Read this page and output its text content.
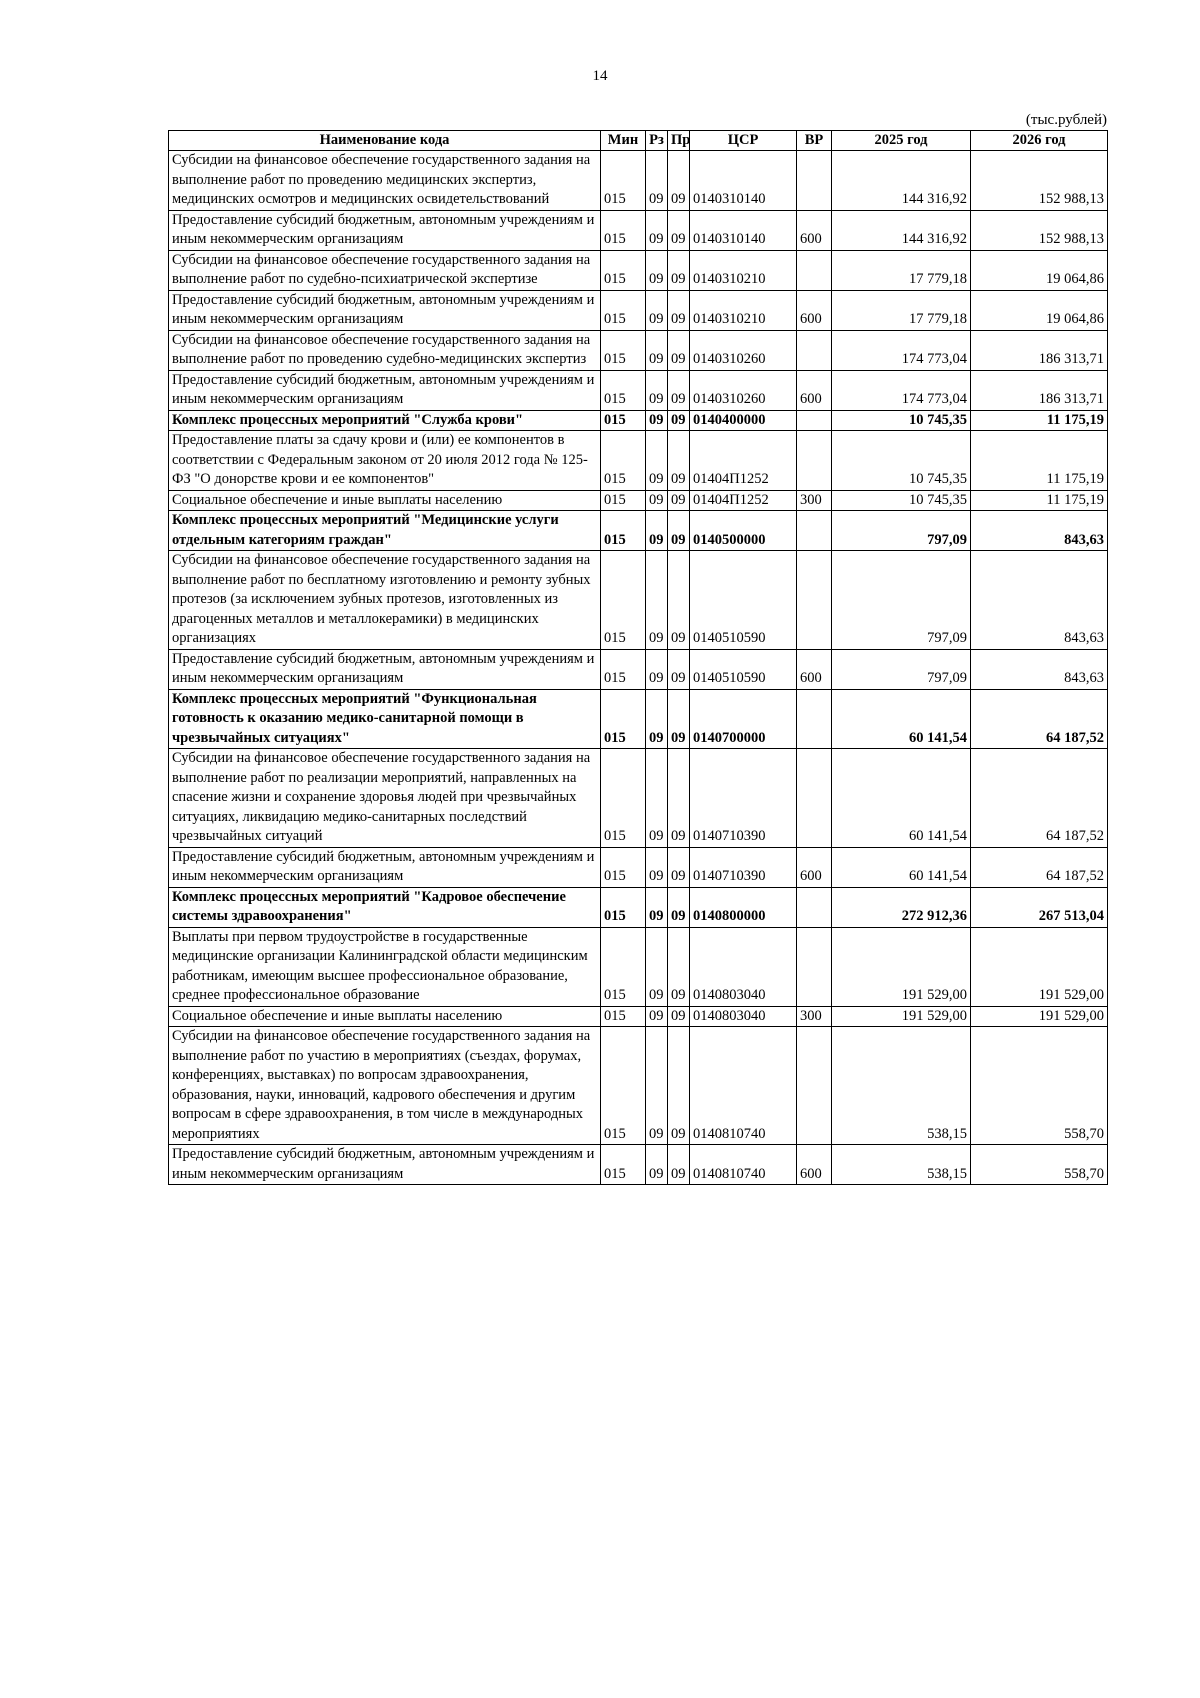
14
(тыс.рублей)
Наименование кода	Мин	Рз	Пр	ЦСР	ВР	2025 год	2026 год
Субсидии на финансовое обеспечение государственного задания на выполнение работ по проведению медицинских экспертиз, медицинских осмотров и медицинских освидетельствований	015	09	09	0140310140		144 316,92	152 988,13
Предоставление субсидий бюджетным, автономным учреждениям и иным некоммерческим организациям	015	09	09	0140310140	600	144 316,92	152 988,13
Субсидии на финансовое обеспечение государственного задания на выполнение работ по судебно-психиатрической экспертизе	015	09	09	0140310210		17 779,18	19 064,86
Предоставление субсидий бюджетным, автономным учреждениям и иным некоммерческим организациям	015	09	09	0140310210	600	17 779,18	19 064,86
Субсидии на финансовое обеспечение государственного задания на выполнение работ по проведению судебно-медицинских экспертиз	015	09	09	0140310260		174 773,04	186 313,71
Предоставление субсидий бюджетным, автономным учреждениям и иным некоммерческим организациям	015	09	09	0140310260	600	174 773,04	186 313,71
Комплекс процессных мероприятий "Служба крови"	015	09	09	0140400000		10 745,35	11 175,19
Предоставление платы за сдачу крови и (или) ее компонентов в соответствии с Федеральным законом от 20 июля 2012 года № 125-ФЗ "О донорстве крови и ее компонентов"	015	09	09	01404П1252		10 745,35	11 175,19
Социальное обеспечение и иные выплаты населению	015	09	09	01404П1252	300	10 745,35	11 175,19
Комплекс процессных мероприятий "Медицинские услуги отдельным категориям граждан"	015	09	09	0140500000		797,09	843,63
Субсидии на финансовое обеспечение государственного задания на выполнение работ по бесплатному изготовлению и ремонту зубных протезов (за исключением зубных протезов, изготовленных из драгоценных металлов и металлокерамики) в медицинских организациях	015	09	09	0140510590		797,09	843,63
Предоставление субсидий бюджетным, автономным учреждениям и иным некоммерческим организациям	015	09	09	0140510590	600	797,09	843,63
Комплекс процессных мероприятий "Функциональная готовность к оказанию медико-санитарной помощи в чрезвычайных ситуациях"	015	09	09	0140700000		60 141,54	64 187,52
Субсидии на финансовое обеспечение государственного задания на выполнение работ по реализации мероприятий, направленных на спасение жизни и сохранение здоровья людей при чрезвычайных ситуациях, ликвидацию медико-санитарных последствий чрезвычайных ситуаций	015	09	09	0140710390		60 141,54	64 187,52
Предоставление субсидий бюджетным, автономным учреждениям и иным некоммерческим организациям	015	09	09	0140710390	600	60 141,54	64 187,52
Комплекс процессных мероприятий "Кадровое обеспечение системы здравоохранения"	015	09	09	0140800000		272 912,36	267 513,04
Выплаты при первом трудоустройстве в государственные медицинские организации Калининградской области медицинским работникам, имеющим высшее профессиональное образование, среднее профессиональное образование	015	09	09	0140803040		191 529,00	191 529,00
Социальное обеспечение и иные выплаты населению	015	09	09	0140803040	300	191 529,00	191 529,00
Субсидии на финансовое обеспечение государственного задания на выполнение работ по участию в мероприятиях (съездах, форумах, конференциях, выставках) по вопросам здравоохранения, образования, науки, инноваций, кадрового обеспечения и другим вопросам в сфере здравоохранения, в том числе в международных мероприятиях	015	09	09	0140810740		538,15	558,70
Предоставление субсидий бюджетным, автономным учреждениям и иным некоммерческим организациям	015	09	09	0140810740	600	538,15	558,70
